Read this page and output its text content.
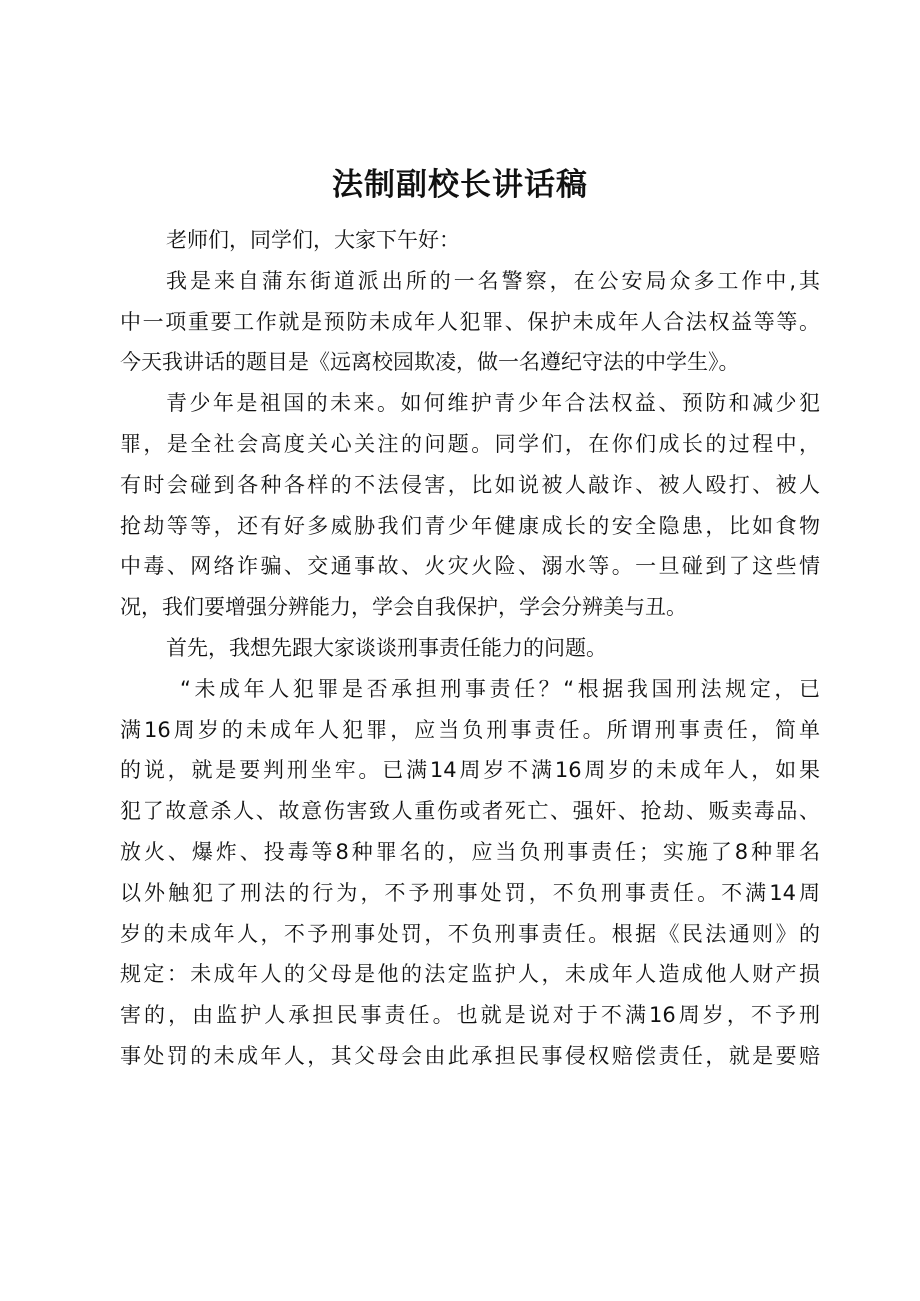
法制副校长讲话稿
老师们，同学们，大家下午好：
我是来自蒲东街道派出所的一名警察，在公安局众多工作中,其
中一项重要工作就是预防未成年人犯罪、保护未成年人合法权益等等。
今天我讲话的题目是《远离校园欺凌，做一名遵纪守法的中学生》。
青少年是祖国的未来。如何维护青少年合法权益、预防和减少犯
罪，是全社会高度关心关注的问题。同学们，在你们成长的过程中，
有时会碰到各种各样的不法侵害，比如说被人敲诈、被人殴打、被人
抢劫等等，还有好多威胁我们青少年健康成长的安全隐患，比如食物
中毒、网络诈骗、交通事故、火灾火险、溺水等。一旦碰到了这些情
况，我们要增强分辨能力，学会自我保护，学会分辨美与丑。
首先，我想先跟大家谈谈刑事责任能力的问题。
“未成年人犯罪是否承担刑事责任？“根据我国刑法规定，已
满16周岁的未成年人犯罪，应当负刑事责任。所谓刑事责任，简单
的说，就是要判刑坐牢。已满14周岁不满16周岁的未成年人，如果
犯了故意杀人、故意伤害致人重伤或者死亡、强奸、抢劫、贩卖毒品、
放火、爆炸、投毒等8种罪名的，应当负刑事责任；实施了8种罪名
以外触犯了刑法的行为，不予刑事处罚，不负刑事责任。不满14周
岁的未成年人，不予刑事处罚，不负刑事责任。根据《民法通则》的
规定：未成年人的父母是他的法定监护人，未成年人造成他人财产损
害的，由监护人承担民事责任。也就是说对于不满16周岁，不予刑
事处罚的未成年人，其父母会由此承担民事侵权赔偿责任，就是要赔
